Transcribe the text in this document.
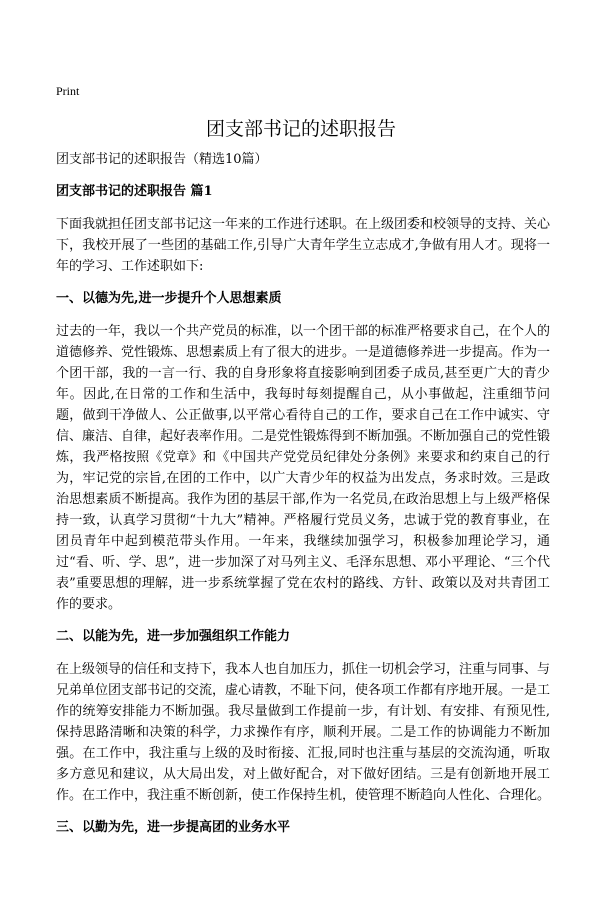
Print
团支部书记的述职报告

团支部书记的述职报告（精选10篇）

团支部书记的述职报告 篇1

下面我就担任团支部书记这一年来的工作进行述职。在上级团委和校领导的支持、关心下，我校开展了一些团的基础工作,引导广大青年学生立志成才,争做有用人才。现将一年的学习、工作述职如下:

一、以德为先,进一步提升个人思想素质

过去的一年，我以一个共产党员的标准，以一个团干部的标准严格要求自己，在个人的道德修养、党性锻炼、思想素质上有了很大的进步。一是道德修养进一步提高。作为一个团干部，我的一言一行、我的自身形象将直接影响到团委子成员,甚至更广大的青少年。因此,在日常的工作和生活中，我每时每刻提醒自己，从小事做起，注重细节问题，做到干净做人、公正做事,以平常心看待自己的工作，要求自己在工作中诚实、守信、廉洁、自律，起好表率作用。二是党性锻炼得到不断加强。不断加强自己的党性锻炼，我严格按照《党章》和《中国共产党党员纪律处分条例》来要求和约束自己的行为，牢记党的宗旨,在团的工作中，以广大青少年的权益为出发点，务求时效。三是政治思想素质不断提高。我作为团的基层干部,作为一名党员,在政治思想上与上级严格保持一致，认真学习贯彻“十九大”精神。严格履行党员义务，忠诚于党的教育事业，在团员青年中起到模范带头作用。一年来，我继续加强学习，积极参加理论学习，通过“看、听、学、思”，进一步加深了对马列主义、毛泽东思想、邓小平理论、“三个代表”重要思想的理解，进一步系统掌握了党在农村的路线、方针、政策以及对共青团工作的要求。

二、以能为先，进一步加强组织工作能力

在上级领导的信任和支持下，我本人也自加压力，抓住一切机会学习，注重与同事、与兄弟单位团支部书记的交流，虚心请教，不耻下问，使各项工作都有序地开展。一是工作的统筹安排能力不断加强。我尽量做到工作提前一步，有计划、有安排、有预见性,保持思路清晰和决策的科学，力求操作有序，顺利开展。二是工作的协调能力不断加强。在工作中，我注重与上级的及时衔接、汇报,同时也注重与基层的交流沟通，听取多方意见和建议，从大局出发，对上做好配合，对下做好团结。三是有创新地开展工作。在工作中，我注重不断创新，使工作保持生机，使管理不断趋向人性化、合理化。

三、以勤为先，进一步提高团的业务水平
